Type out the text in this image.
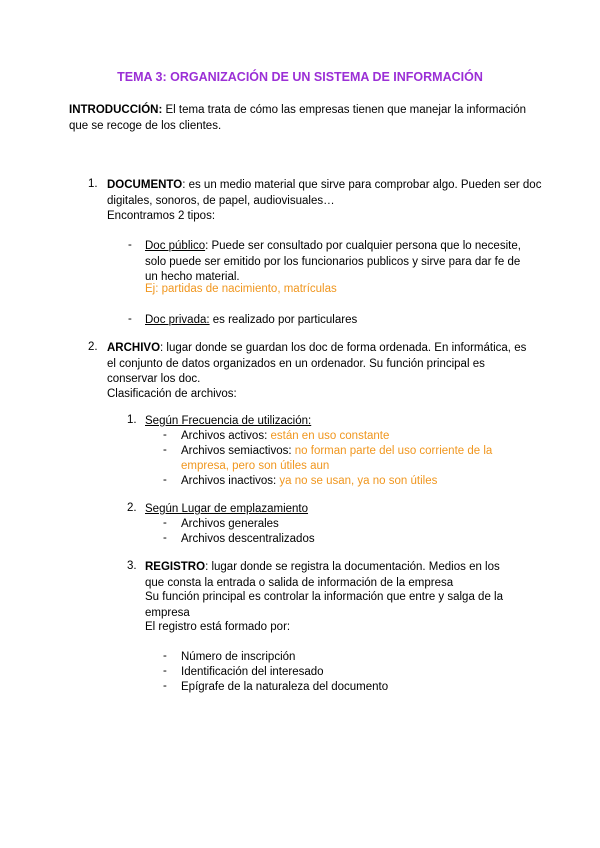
TEMA 3: ORGANIZACIÓN DE UN SISTEMA DE INFORMACIÓN
INTRODUCCIÓN: El tema trata de cómo las empresas tienen que manejar la información que se recoge de los clientes.
1. DOCUMENTO: es un medio material que sirve para comprobar algo. Pueden ser doc digitales, sonoros, de papel, audiovisuales…
Encontramos 2 tipos:
- Doc público: Puede ser consultado por cualquier persona que lo necesite, solo puede ser emitido por los funcionarios publicos y sirve para dar fe de un hecho material.
Ej: partidas de nacimiento, matrículas
- Doc privada: es realizado por particulares
2. ARCHIVO: lugar donde se guardan los doc de forma ordenada. En informática, es el conjunto de datos organizados en un ordenador. Su función principal es conservar los doc.
Clasificación de archivos:
1. Según Frecuencia de utilización:
- Archivos activos: están en uso constante
- Archivos semiactivos: no forman parte del uso corriente de la empresa, pero son útiles aun
- Archivos inactivos: ya no se usan, ya no son útiles
2. Según Lugar de emplazamiento
- Archivos generales
- Archivos descentralizados
3. REGISTRO: lugar donde se registra la documentación. Medios en los que consta la entrada o salida de información de la empresa
Su función principal es controlar la información que entre y salga de la empresa
El registro está formado por:
- Número de inscripción
- Identificación del interesado
- Epígrafe de la naturaleza del documento
